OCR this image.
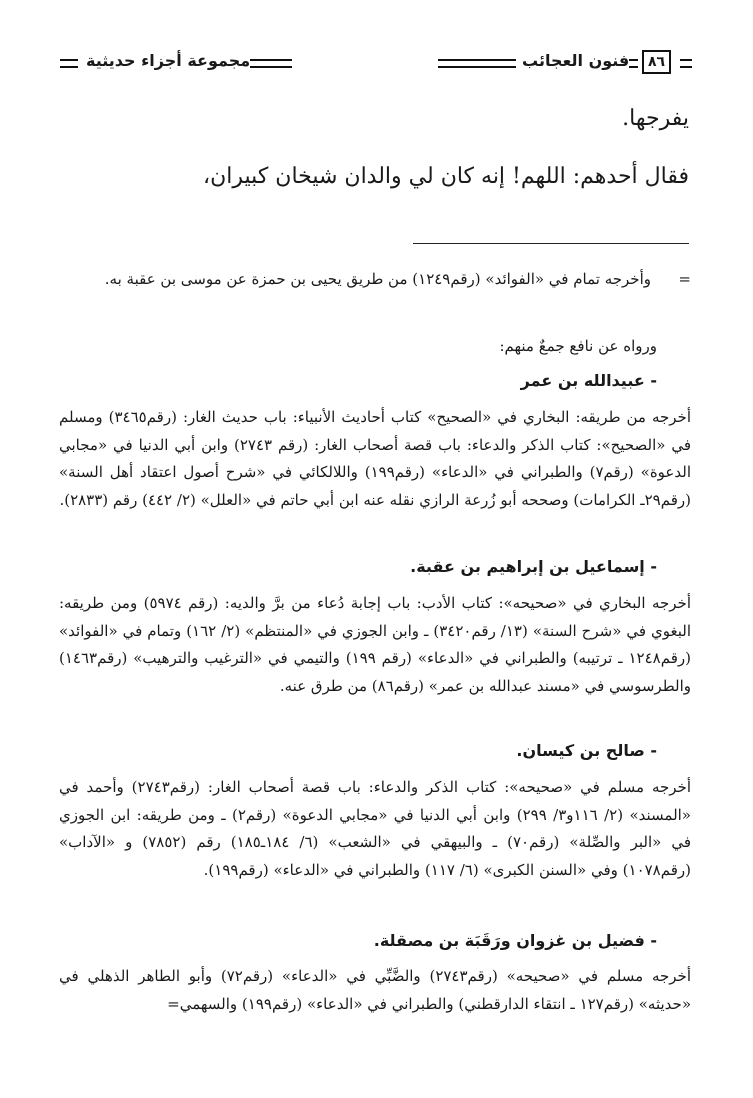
مجموعة أجزاء حديثية	فنون العجائب	٨٦
يفرجها.
فقال أحدهم: اللهم! إنه كان لي والدان شيخان كبيران،
=
وأخرجه تمام في «الفوائد» (رقم١٢٤٩) من طريق يحيى بن حمزة عن موسى بن عقبة به.
ورواه عن نافع جمعٌ منهم:
- عبيدالله بن عمر
أخرجه من طريقه: البخاري في «الصحيح» كتاب أحاديث الأنبياء: باب حديث الغار: (رقم٣٤٦٥) ومسلم في «الصحيح»: كتاب الذكر والدعاء: باب قصة أصحاب الغار: (رقم ٢٧٤٣) وابن أبي الدنيا في «مجابي الدعوة» (رقم٧) والطبراني في «الدعاء» (رقم١٩٩) واللالكائي في «شرح أصول اعتقاد أهل السنة» (رقم٢٩ـ الكرامات) وصححه أبو زُرعة الرازي نقله عنه ابن أبي حاتم في «العلل» (٢/ ٤٤٢) رقم (٢٨٣٣).
- إسماعيل بن إبراهيم بن عقبة.
أخرجه البخاري في «صحيحه»: كتاب الأدب: باب إجابة دُعاء من برَّ والديه: (رقم ٥٩٧٤) ومن طريقه: البغوي في «شرح السنة» (١٣/ رقم٣٤٢٠) ـ وابن الجوزي في «المنتظم» (٢/ ١٦٢) وتمام في «الفوائد» (رقم١٢٤٨ ـ ترتيبه) والطبراني في «الدعاء» (رقم ١٩٩) والتيمي في «الترغيب والترهيب» (رقم١٤٦٣) والطرسوسي في «مسند عبدالله بن عمر» (رقم٨٦) من طرق عنه.
- صالح بن كيسان.
أخرجه مسلم في «صحيحه»: كتاب الذكر والدعاء: باب قصة أصحاب الغار: (رقم٢٧٤٣) وأحمد في «المسند» (٢/ ١١٦و٣/ ٢٩٩) وابن أبي الدنيا في «مجابي الدعوة» (رقم٢) ـ ومن طريقه: ابن الجوزي في «البر والصِّلة» (رقم٧٠) ـ والبيهقي في «الشعب» (٦/ ١٨٤ـ١٨٥) رقم (٧٨٥٢) و «الآداب» (رقم١٠٧٨) وفي «السنن الكبرى» (٦/ ١١٧) والطبراني في «الدعاء» (رقم١٩٩).
- فضيل بن غزوان ورَقَبَة بن مصقلة.
أخرجه مسلم في «صحيحه» (رقم٢٧٤٣) والضَّبِّي في «الدعاء» (رقم٧٢) وأبو الطاهر الذهلي في «حديثه» (رقم١٢٧ ـ انتقاء الدارقطني) والطبراني في «الدعاء» (رقم١٩٩) والسهمي=
